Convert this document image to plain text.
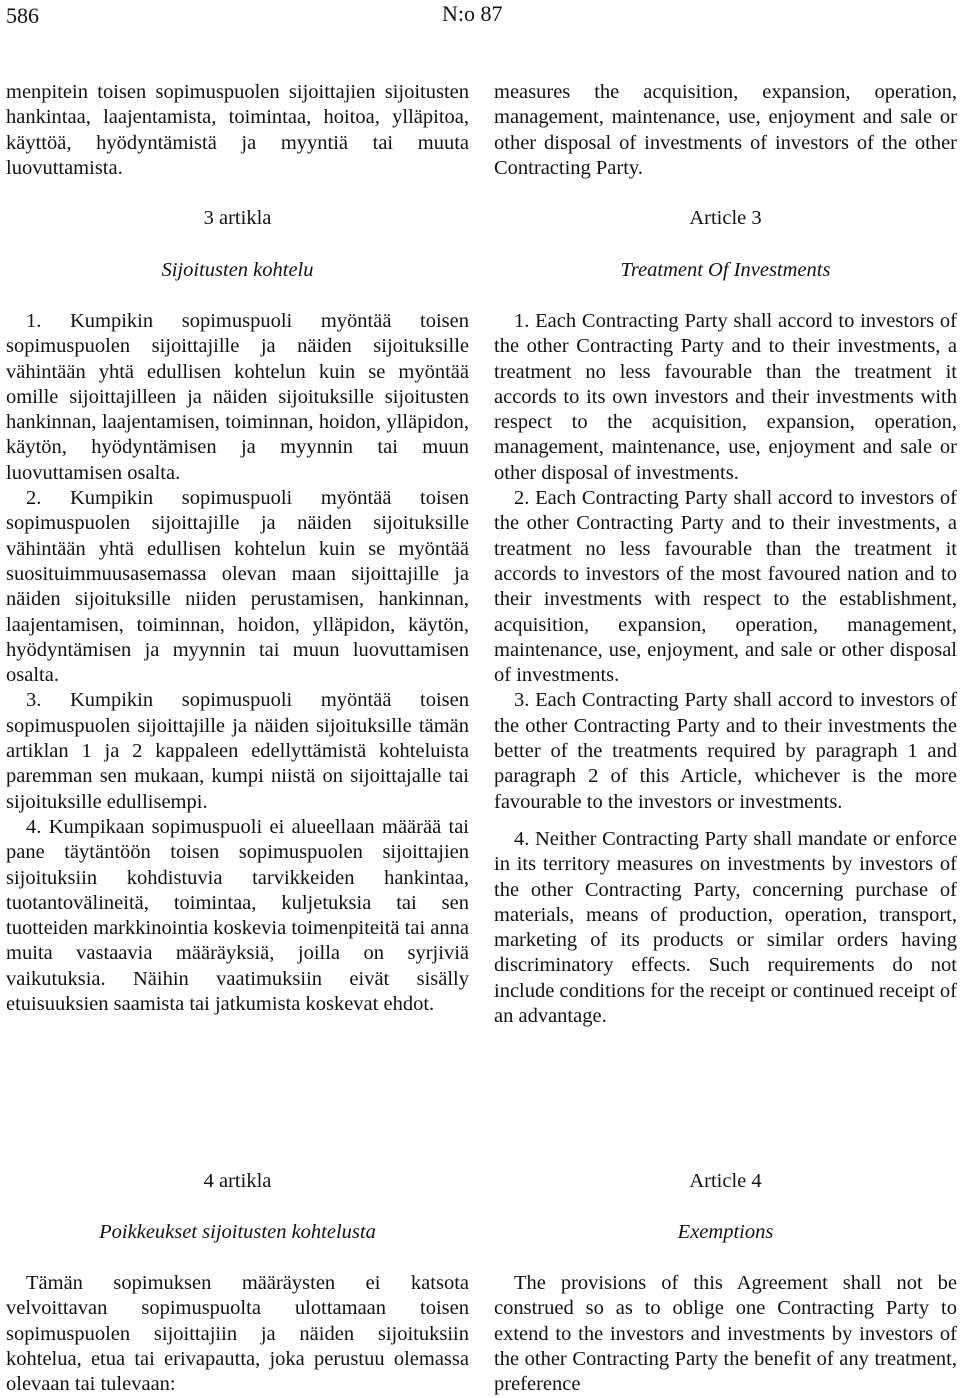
586	N:o 87

menpitein toisen sopimuspuolen sijoittajien sijoitusten hankintaa, laajentamista, toimintaa, hoitoa, ylläpitoa, käyttöä, hyödyntämistä ja myyntiä tai muuta luovuttamista.

3 artikla
Sijoitusten kohtelu

1. Kumpikin sopimuspuoli myöntää toisen sopimuspuolen sijoittajille ja näiden sijoituksille vähintään yhtä edullisen kohtelun kuin se myöntää omille sijoittajilleen ja näiden sijoituksille sijoitusten hankinnan, laajentamisen, toiminnan, hoidon, ylläpidon, käytön, hyödyntämisen ja myynnin tai muun luovuttamisen osalta.

2. Kumpikin sopimuspuoli myöntää toisen sopimuspuolen sijoittajille ja näiden sijoituksille vähintään yhtä edullisen kohtelun kuin se myöntää suosituimmuusasemassa olevan maan sijoittajille ja näiden sijoituksille niiden perustamisen, hankinnan, laajentamisen, toiminnan, hoidon, ylläpidon, käytön, hyödyntämisen ja myynnin tai muun luovuttamisen osalta.

3. Kumpikin sopimuspuoli myöntää toisen sopimuspuolen sijoittajille ja näiden sijoituksille tämän artiklan 1 ja 2 kappaleen edellyttämistä kohteluista paremman sen mukaan, kumpi niistä on sijoittajalle tai sijoituksille edullisempi.

4. Kumpikaan sopimuspuoli ei alueellaan määrää tai pane täytäntöön toisen sopimuspuolen sijoittajien sijoituksiin kohdistuvia tarvikkeiden hankintaa, tuotantovälineitä, toimintaa, kuljetuksia tai sen tuotteiden markkinointia koskevia toimenpiteitä tai anna muita vastaavia määräyksiä, joilla on syrjiviä vaikutuksia. Näihin vaatimuksiin eivät sisälly etuisuuksien saamista tai jatkumista koskevat ehdot.

4 artikla
Poikkeukset sijoitusten kohtelusta

Tämän sopimuksen määräysten ei katsota velvoittavan sopimuspuolta ulottamaan toisen sopimuspuolen sijoittajiin ja näiden sijoituksiin kohtelua, etua tai erivapautta, joka perustuu olemassa olevaan tai tulevaan:

measures the acquisition, expansion, operation, management, maintenance, use, enjoyment and sale or other disposal of investments of investors of the other Contracting Party.

Article 3
Treatment Of Investments

1. Each Contracting Party shall accord to investors of the other Contracting Party and to their investments, a treatment no less favourable than the treatment it accords to its own investors and their investments with respect to the acquisition, expansion, operation, management, maintenance, use, enjoyment and sale or other disposal of investments.

2. Each Contracting Party shall accord to investors of the other Contracting Party and to their investments, a treatment no less favourable than the treatment it accords to investors of the most favoured nation and to their investments with respect to the establishment, acquisition, expansion, operation, management, maintenance, use, enjoyment, and sale or other disposal of investments.

3. Each Contracting Party shall accord to investors of the other Contracting Party and to their investments the better of the treatments required by paragraph 1 and paragraph 2 of this Article, whichever is the more favourable to the investors or investments.

4. Neither Contracting Party shall mandate or enforce in its territory measures on investments by investors of the other Contracting Party, concerning purchase of materials, means of production, operation, transport, marketing of its products or similar orders having discriminatory effects. Such requirements do not include conditions for the receipt or continued receipt of an advantage.

Article 4
Exemptions

The provisions of this Agreement shall not be construed so as to oblige one Contracting Party to extend to the investors and investments by investors of the other Contracting Party the benefit of any treatment, preference
